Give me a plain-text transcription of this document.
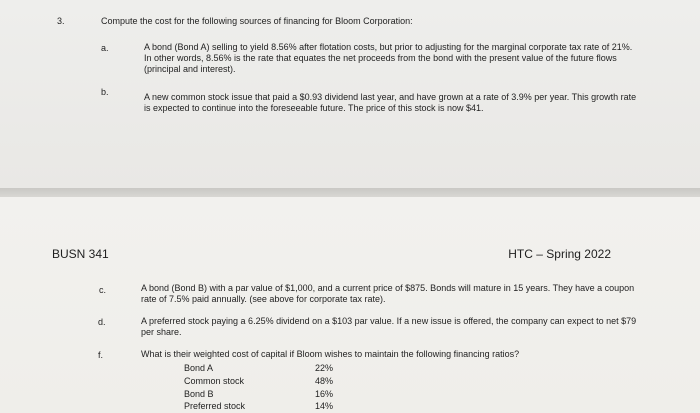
3.	Compute the cost for the following sources of financing for Bloom Corporation:
a.	A bond (Bond A) selling to yield 8.56% after flotation costs, but prior to adjusting for the marginal corporate tax rate of 21%. In other words, 8.56% is the rate that equates the net proceeds from the bond with the present value of the future flows (principal and interest).
b.	A new common stock issue that paid a $0.93 dividend last year, and have grown at a rate of 3.9% per year. This growth rate is expected to continue into the foreseeable future. The price of this stock is now $41.
BUSN 341	HTC – Spring 2022
c.	A bond (Bond B) with a par value of $1,000, and a current price of $875. Bonds will mature in 15 years. They have a coupon rate of 7.5% paid annually. (see above for corporate tax rate).
d.	A preferred stock paying a 6.25% dividend on a $103 par value. If a new issue is offered, the company can expect to net $79 per share.
f.	What is their weighted cost of capital if Bloom wishes to maintain the following financing ratios?
Bond A	22%
Common stock	48%
Bond B	16%
Preferred stock	14%
